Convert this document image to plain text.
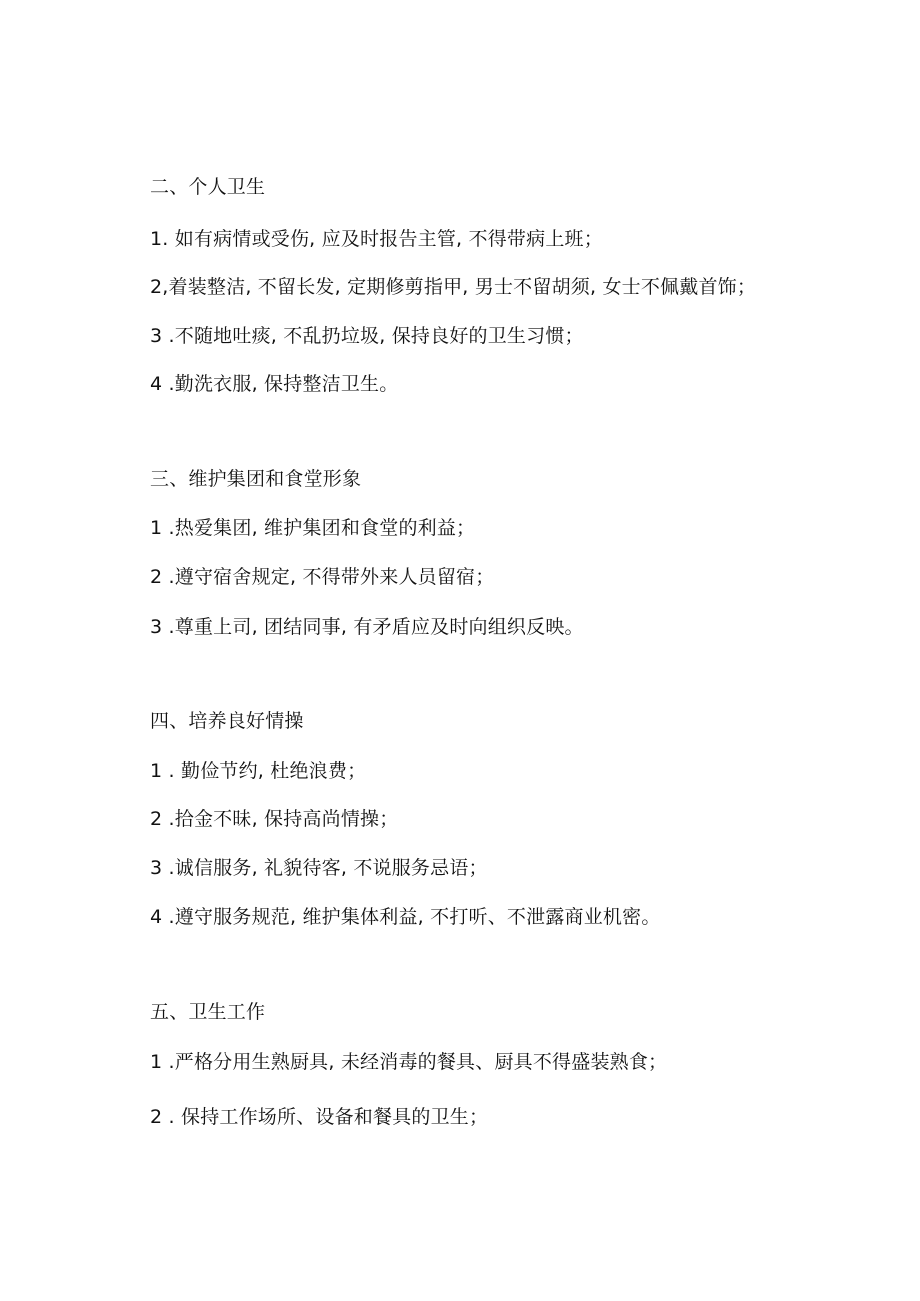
二、个人卫生
1. 如有病情或受伤, 应及时报告主管, 不得带病上班；
2,着装整洁, 不留长发, 定期修剪指甲, 男士不留胡须, 女士不佩戴首饰；
3 .不随地吐痰, 不乱扔垃圾, 保持良好的卫生习惯；
4 .勤洗衣服, 保持整洁卫生。
三、维护集团和食堂形象
1 .热爱集团, 维护集团和食堂的利益；
2 .遵守宿舍规定, 不得带外来人员留宿；
3 .尊重上司, 团结同事, 有矛盾应及时向组织反映。
四、培养良好情操
1 . 勤俭节约, 杜绝浪费；
2 .拾金不昧, 保持高尚情操；
3 .诚信服务, 礼貌待客, 不说服务忌语；
4 .遵守服务规范, 维护集体利益, 不打听、不泄露商业机密。
五、卫生工作
1 .严格分用生熟厨具, 未经消毒的餐具、厨具不得盛装熟食；
2 . 保持工作场所、设备和餐具的卫生；
